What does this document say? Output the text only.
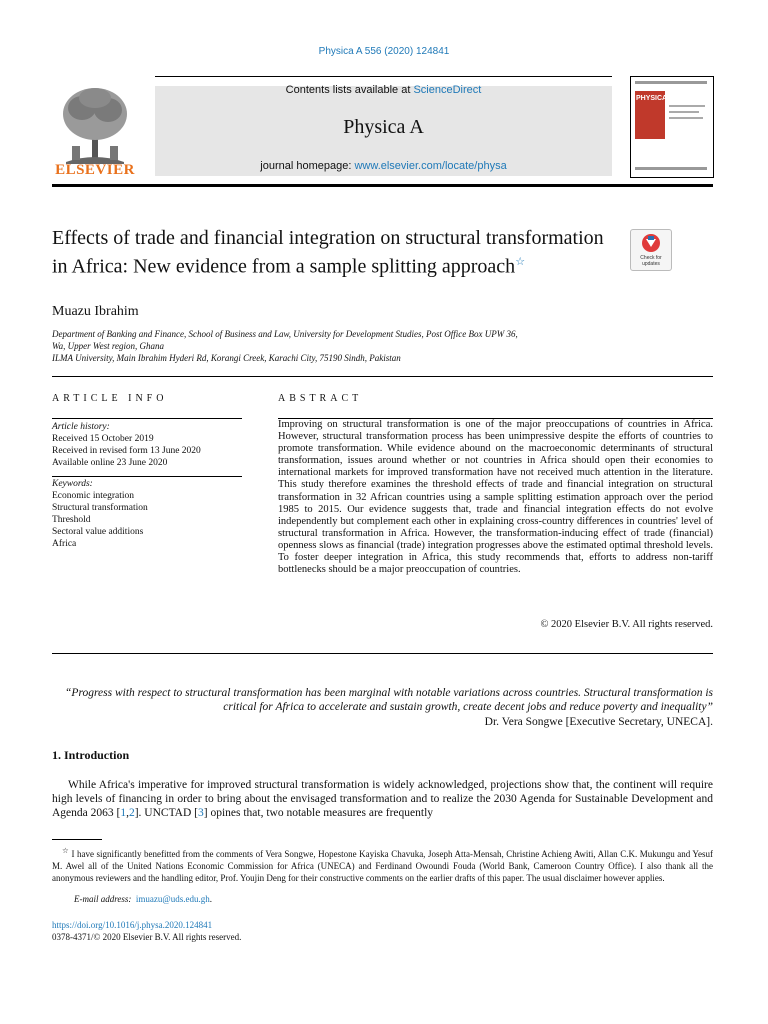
Physica A 556 (2020) 124841
ELSEVIER
Contents lists available at ScienceDirect
Physica A
journal homepage: www.elsevier.com/locate/physa
PHYSICA
Effects of trade and financial integration on structural transformation in Africa: New evidence from a sample splitting approach☆	Check for updates
Muazu Ibrahim
Department of Banking and Finance, School of Business and Law, University for Development Studies, Post Office Box UPW 36,
Wa, Upper West region, Ghana
ILMA University, Main Ibrahim Hyderi Rd, Korangi Creek, Karachi City, 75190 Sindh, Pakistan
ARTICLE INFO
Article history:
Received 15 October 2019
Received in revised form 13 June 2020
Available online 23 June 2020
Keywords:
Economic integration
Structural transformation
Threshold
Sectoral value additions
Africa
ABSTRACT
Improving on structural transformation is one of the major preoccupations of countries in Africa. However, structural transformation process has been unimpressive despite the efforts of countries to promote transformation. While evidence abound on the macroeconomic determinants of structural transformation, issues around whether or not countries in Africa should open their economies to international markets for improved transformation have not received much attention in the literature. This study therefore examines the threshold effects of trade and financial integration on structural transformation in 32 African countries using a sample splitting estimation approach over the period 1985 to 2015. Our evidence suggests that, trade and financial integration effects do not evolve independently but complement each other in explaining cross-country differences in countries' level of structural transformation in Africa. However, the transformation-inducing effect of trade (financial) openness slows as financial (trade) integration progresses above the estimated optimal threshold levels. To foster deeper integration in Africa, this study recommends that, efforts to address non-tariff bottlenecks should be a major preoccupation of countries.
© 2020 Elsevier B.V. All rights reserved.
“Progress with respect to structural transformation has been marginal with notable variations across countries. Structural transformation is critical for Africa to accelerate and sustain growth, create decent jobs and reduce poverty and inequality”
Dr. Vera Songwe [Executive Secretary, UNECA].
1. Introduction
While Africa's imperative for improved structural transformation is widely acknowledged, projections show that, the continent will require high levels of financing in order to bring about the envisaged transformation and to realize the 2030 Agenda for Sustainable Development and Agenda 2063 [1,2]. UNCTAD [3] opines that, two notable measures are frequently
☆ I have significantly benefitted from the comments of Vera Songwe, Hopestone Kayiska Chavuka, Joseph Atta-Mensah, Christine Achieng Awiti, Allan C.K. Mukungu and Yesuf M. Awel all of the United Nations Economic Commission for Africa (UNECA) and Ferdinand Owoundi Fouda (World Bank, Cameroon Country Office). I also thank all the anonymous reviewers and the handling editor, Prof. Youjin Deng for their constructive comments on the earlier drafts of this paper. The usual disclaimer however applies.
E-mail address: imuazu@uds.edu.gh.
https://doi.org/10.1016/j.physa.2020.124841
0378-4371/© 2020 Elsevier B.V. All rights reserved.
